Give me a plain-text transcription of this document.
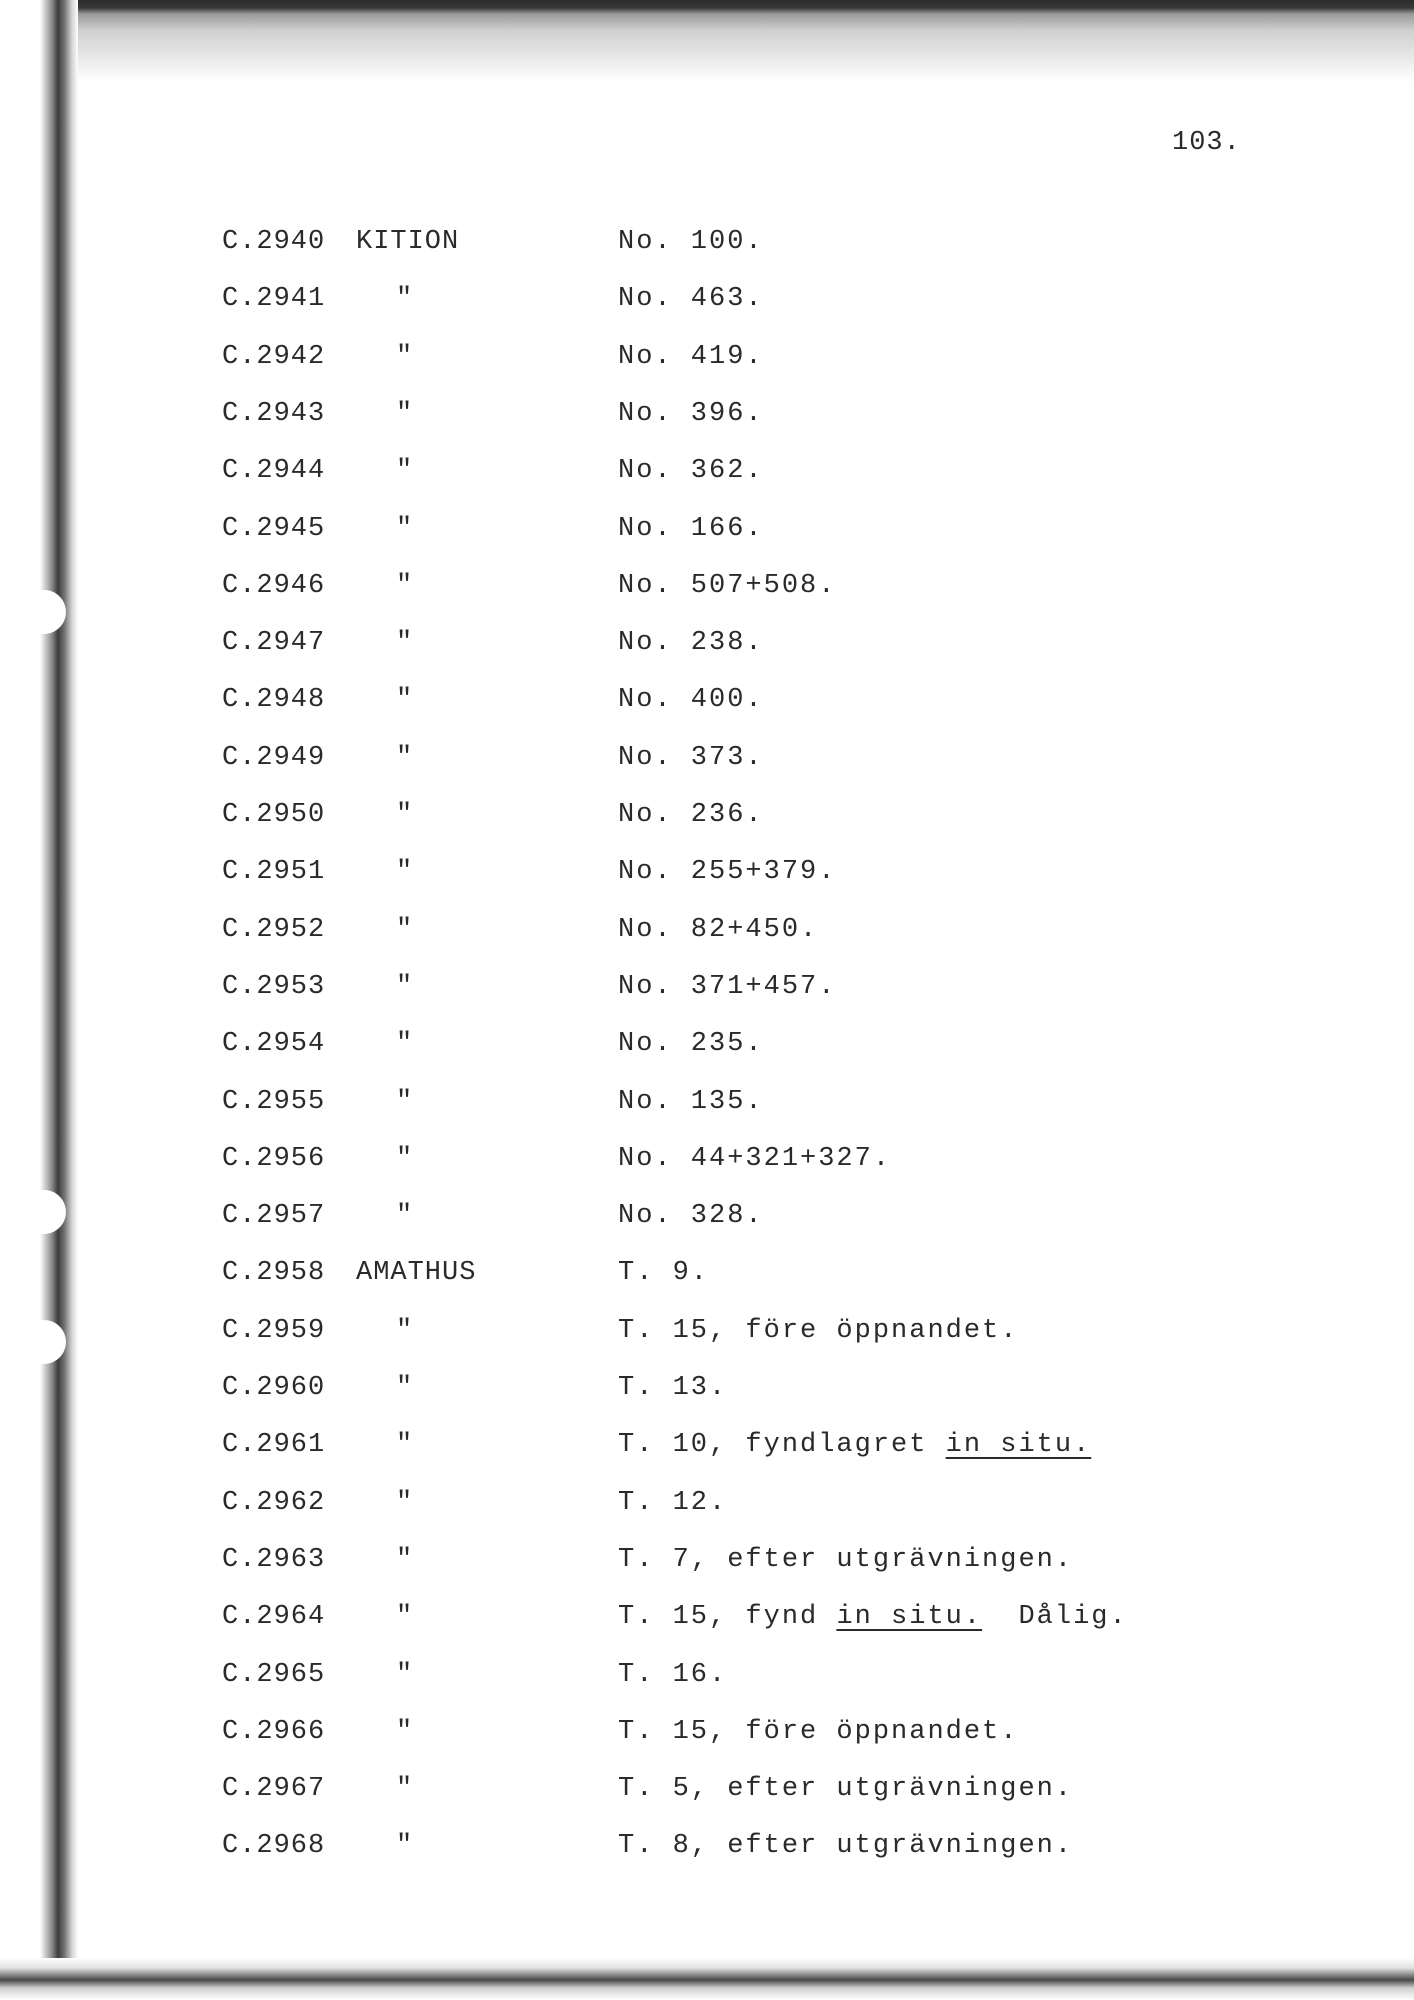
103.
C.2940 KITION	No. 100.
C.2941	"	No. 463.
C.2942	"	No. 419.
C.2943	"	No. 396.
C.2944	"	No. 362.
C.2945	"	No. 166.
C.2946	"	No. 507+508.
C.2947	"	No. 238.
C.2948	"	No. 400.
C.2949	"	No. 373.
C.2950	"	No. 236.
C.2951	"	No. 255+379.
C.2952	"	No. 82+450.
C.2953	"	No. 371+457.
C.2954	"	No. 235.
C.2955	"	No. 135.
C.2956	"	No. 44+321+327.
C.2957	"	No. 328.
C.2958 AMATHUS	T. 9.
C.2959	"	T. 15, före öppnandet.
C.2960	"	T. 13.
C.2961	"	T. 10, fyndlagret in situ.
C.2962	"	T. 12.
C.2963	"	T. 7, efter utgrävningen.
C.2964	"	T. 15, fynd in situ.  Dålig.
C.2965	"	T. 16.
C.2966	"	T. 15, före öppnandet.
C.2967	"	T. 5, efter utgrävningen.
C.2968	"	T. 8, efter utgrävningen.
